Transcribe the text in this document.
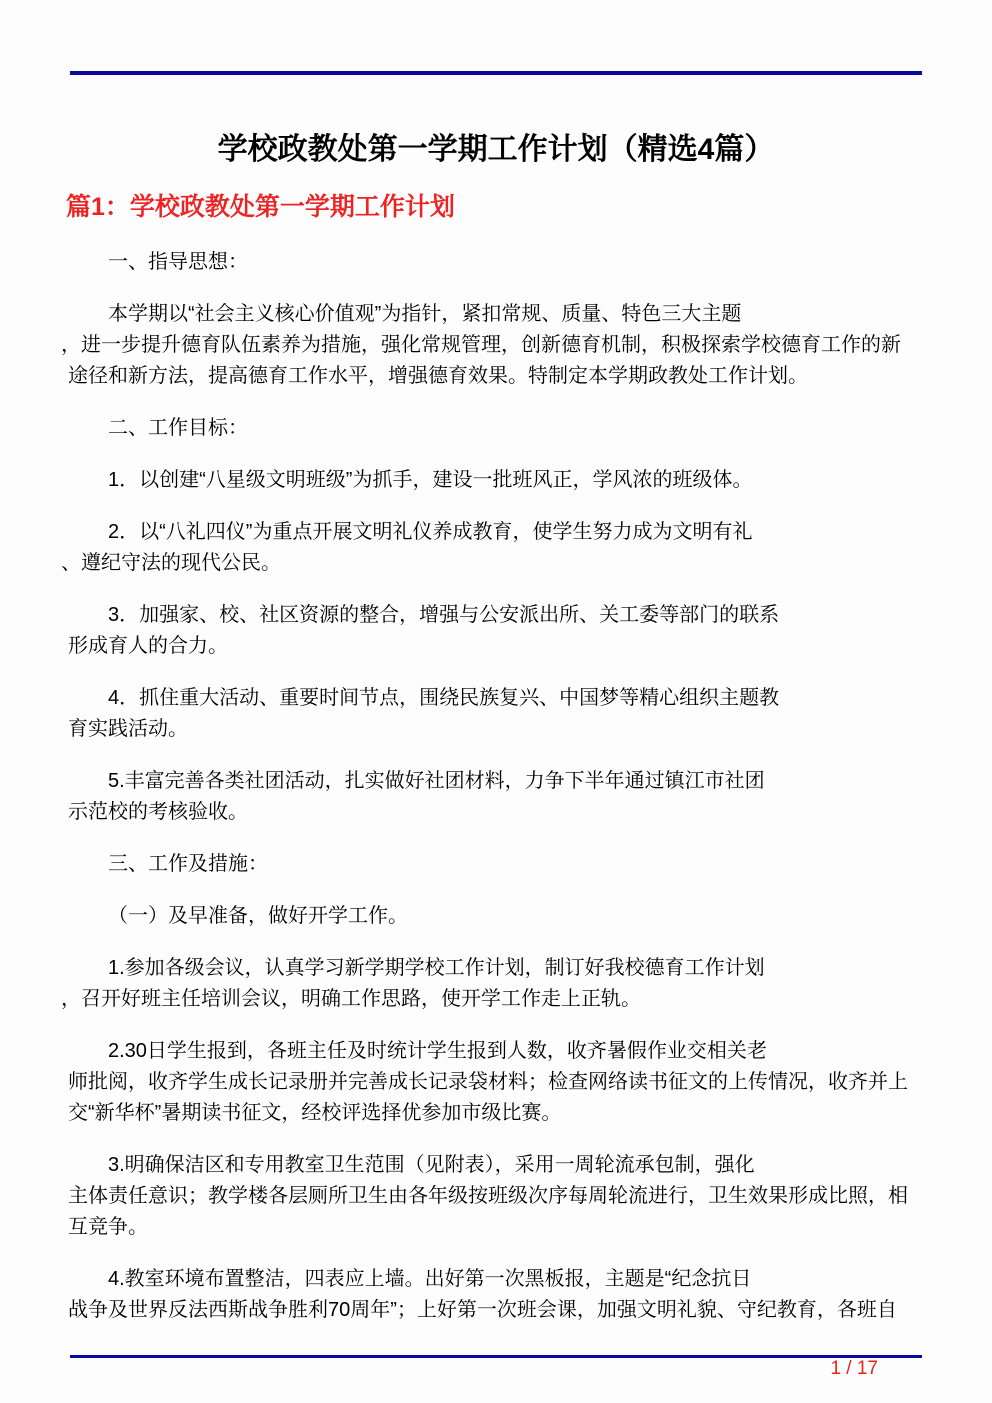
学校政教处第一学期工作计划（精选4篇）
篇1：学校政教处第一学期工作计划
一、指导思想：
本学期以“社会主义核心价值观”为指针，紧扣常规、质量、特色三大主题
，进一步提升德育队伍素养为措施，强化常规管理，创新德育机制，积极探索学校德育工作的新
途径和新方法，提高德育工作水平，增强德育效果。特制定本学期政教处工作计划。
二、工作目标：
1．以创建“八星级文明班级”为抓手，建设一批班风正，学风浓的班级体。
2．以“八礼四仪”为重点开展文明礼仪养成教育，使学生努力成为文明有礼
、遵纪守法的现代公民。
3．加强家、校、社区资源的整合，增强与公安派出所、关工委等部门的联系
形成育人的合力。
4．抓住重大活动、重要时间节点，围绕民族复兴、中国梦等精心组织主题教
育实践活动。
5.丰富完善各类社团活动，扎实做好社团材料，力争下半年通过镇江市社团
示范校的考核验收。
三、工作及措施：
（一）及早准备，做好开学工作。
1.参加各级会议，认真学习新学期学校工作计划，制订好我校德育工作计划
，召开好班主任培训会议，明确工作思路，使开学工作走上正轨。
2.30日学生报到，各班主任及时统计学生报到人数，收齐暑假作业交相关老
师批阅，收齐学生成长记录册并完善成长记录袋材料；检查网络读书征文的上传情况，收齐并上
交“新华杯”暑期读书征文，经校评选择优参加市级比赛。
3.明确保洁区和专用教室卫生范围（见附表），采用一周轮流承包制，强化
主体责任意识；教学楼各层厕所卫生由各年级按班级次序每周轮流进行，卫生效果形成比照，相
互竞争。
4.教室环境布置整洁，四表应上墙。出好第一次黑板报，主题是“纪念抗日
战争及世界反法西斯战争胜利70周年”；上好第一次班会课，加强文明礼貌、守纪教育，各班自
1 / 17
